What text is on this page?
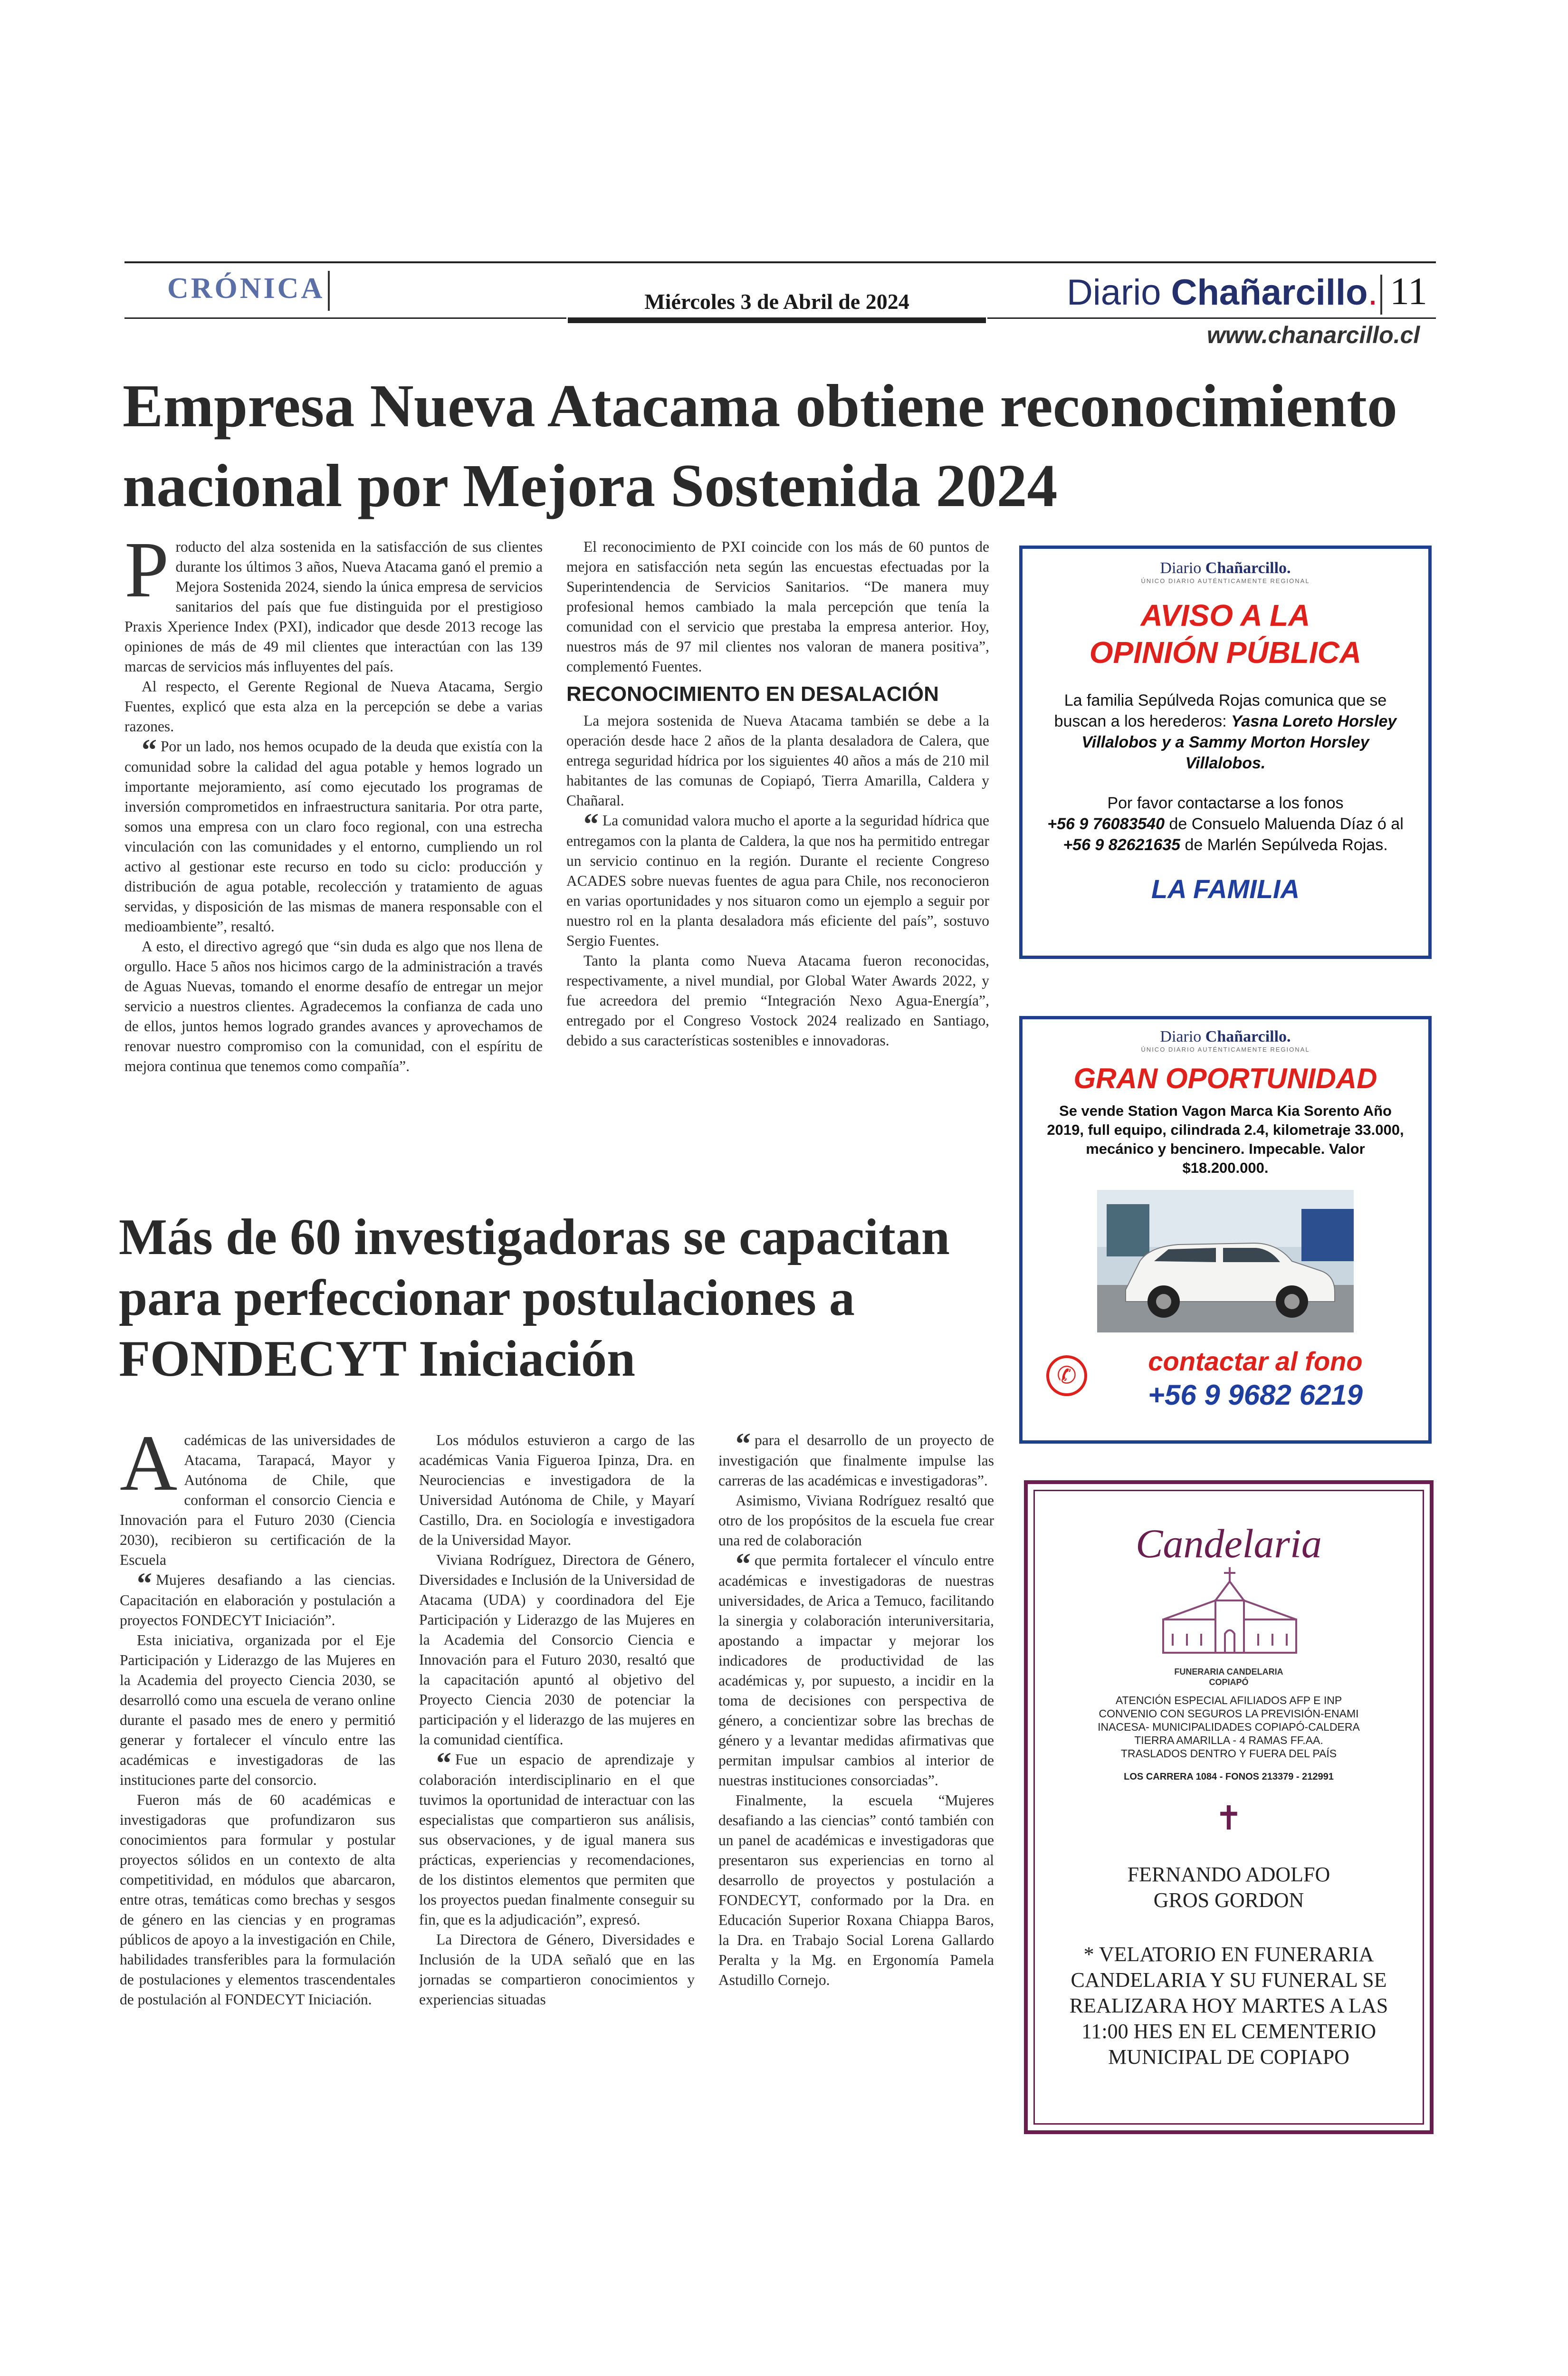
CRÓNICA	Miércoles 3 de Abril de 2024	Diario Chañarcillo. 11
www.chanarcillo.cl
Empresa Nueva Atacama obtiene reconocimiento nacional por Mejora Sostenida 2024

Producto del alza sostenida en la satisfacción de sus clientes durante los últimos 3 años, Nueva Atacama ganó el premio a Mejora Sostenida 2024, siendo la única empresa de servicios sanitarios del país que fue distinguida por el prestigioso Praxis Xperience Index (PXI), indicador que desde 2013 recoge las opiniones de más de 49 mil clientes que interactúan con las 139 marcas de servicios más influyentes del país.

Al respecto, el Gerente Regional de Nueva Atacama, Sergio Fuentes, explicó que esta alza en la percepción se debe a varias razones.

“ Por un lado, nos hemos ocupado de la deuda que existía con la comunidad sobre la calidad del agua potable y hemos logrado un importante mejoramiento, así como ejecutado los programas de inversión comprometidos en infraestructura sanitaria. Por otra parte, somos una empresa con un claro foco regional, con una estrecha vinculación con las comunidades y el entorno, cumpliendo un rol activo al gestionar este recurso en todo su ciclo: producción y distribución de agua potable, recolección y tratamiento de aguas servidas, y disposición de las mismas de manera responsable con el medioambiente”, resaltó.

A esto, el directivo agregó que “sin duda es algo que nos llena de orgullo. Hace 5 años nos hicimos cargo de la administración a través de Aguas Nuevas, tomando el enorme desafío de entregar un mejor servicio a nuestros clientes. Agradecemos la confianza de cada uno de ellos, juntos hemos logrado grandes avances y aprovechamos de renovar nuestro compromiso con la comunidad, con el espíritu de mejora continua que tenemos como compañía”.

El reconocimiento de PXI coincide con los más de 60 puntos de mejora en satisfacción neta según las encuestas efectuadas por la Superintendencia de Servicios Sanitarios. “De manera muy profesional hemos cambiado la mala percepción que tenía la comunidad con el servicio que prestaba la empresa anterior. Hoy, nuestros más de 97 mil clientes nos valoran de manera positiva”, complementó Fuentes.

RECONOCIMIENTO EN DESALACIÓN

La mejora sostenida de Nueva Atacama también se debe a la operación desde hace 2 años de la planta desaladora de Calera, que entrega seguridad hídrica por los siguientes 40 años a más de 210 mil habitantes de las comunas de Copiapó, Tierra Amarilla, Caldera y Chañaral.

“ La comunidad valora mucho el aporte a la seguridad hídrica que entregamos con la planta de Caldera, la que nos ha permitido entregar un servicio continuo en la región. Durante el reciente Congreso ACADES sobre nuevas fuentes de agua para Chile, nos reconocieron en varias oportunidades y nos situaron como un ejemplo a seguir por nuestro rol en la planta desaladora más eficiente del país”, sostuvo Sergio Fuentes.

Tanto la planta como Nueva Atacama fueron reconocidas, respectivamente, a nivel mundial, por Global Water Awards 2022, y fue acreedora del premio “Integración Nexo Agua-Energía”, entregado por el Congreso Vostock 2024 realizado en Santiago, debido a sus características sostenibles e innovadoras.

Diario Chañarcillo.
ÚNICO DIARIO AUTÉNTICAMENTE REGIONAL
AVISO A LA
OPINIÓN PÚBLICA
La familia Sepúlveda Rojas comunica que se buscan a los herederos: Yasna Loreto Horsley Villalobos y a Sammy Morton Horsley Villalobos.
Por favor contactarse a los fonos
+56 9 76083540 de Consuelo Maluenda Díaz ó al +56 9 82621635 de Marlén Sepúlveda Rojas.
LA FAMILIA
Diario Chañarcillo.
ÚNICO DIARIO AUTÉNTICAMENTE REGIONAL
GRAN OPORTUNIDAD
Se vende Station Vagon Marca Kia Sorento Año 2019, full equipo, cilindrada 2.4, kilometraje 33.000, mecánico y bencinero. Impecable. Valor $18.200.000.
✆	contactar al fono
+56 9 9682 6219
Más de 60 investigadoras se capacitan para perfeccionar postulaciones a FONDECYT Iniciación

Académicas de las universidades de Atacama, Tarapacá, Mayor y Autónoma de Chile, que conforman el consorcio Ciencia e Innovación para el Futuro 2030 (Ciencia 2030), recibieron su certificación de la Escuela

“ Mujeres desafiando a las ciencias. Capacitación en elaboración y postulación a proyectos FONDECYT Iniciación”.

Esta iniciativa, organizada por el Eje Participación y Liderazgo de las Mujeres en la Academia del proyecto Ciencia 2030, se desarrolló como una escuela de verano online durante el pasado mes de enero y permitió generar y fortalecer el vínculo entre las académicas e investigadoras de las instituciones parte del consorcio.

Fueron más de 60 académicas e investigadoras que profundizaron sus conocimientos para formular y postular proyectos sólidos en un contexto de alta competitividad, en módulos que abarcaron, entre otras, temáticas como brechas y sesgos de género en las ciencias y en programas públicos de apoyo a la investigación en Chile, habilidades transferibles para la formulación de postulaciones y elementos trascendentales de postulación al FONDECYT Iniciación.

Los módulos estuvieron a cargo de las académicas Vania Figueroa Ipinza, Dra. en Neurociencias e investigadora de la Universidad Autónoma de Chile, y Mayarí Castillo, Dra. en Sociología e investigadora de la Universidad Mayor.

Viviana Rodríguez, Directora de Género, Diversidades e Inclusión de la Universidad de Atacama (UDA) y coordinadora del Eje Participación y Liderazgo de las Mujeres en la Academia del Consorcio Ciencia e Innovación para el Futuro 2030, resaltó que la capacitación apuntó al objetivo del Proyecto Ciencia 2030 de potenciar la participación y el liderazgo de las mujeres en la comunidad científica.

“ Fue un espacio de aprendizaje y colaboración interdisciplinario en el que tuvimos la oportunidad de interactuar con las especialistas que compartieron sus análisis, sus observaciones, y de igual manera sus prácticas, experiencias y recomendaciones, de los distintos elementos que permiten que los proyectos puedan finalmente conseguir su fin, que es la adjudicación”, expresó.

La Directora de Género, Diversidades e Inclusión de la UDA señaló que en las jornadas se compartieron conocimientos y experiencias situadas

“ para el desarrollo de un proyecto de investigación que finalmente impulse las carreras de las académicas e investigadoras”.

Asimismo, Viviana Rodríguez resaltó que otro de los propósitos de la escuela fue crear una red de colaboración

“ que permita fortalecer el vínculo entre académicas e investigadoras de nuestras universidades, de Arica a Temuco, facilitando la sinergia y colaboración interuniversitaria, apostando a impactar y mejorar los indicadores de productividad de las académicas y, por supuesto, a incidir en la toma de decisiones con perspectiva de género, a concientizar sobre las brechas de género y a levantar medidas afirmativas que permitan impulsar cambios al interior de nuestras instituciones consorciadas”.

Finalmente, la escuela “Mujeres desafiando a las ciencias” contó también con un panel de académicas e investigadoras que presentaron sus experiencias en torno al desarrollo de proyectos y postulación a FONDECYT, conformado por la Dra. en Educación Superior Roxana Chiappa Baros, la Dra. en Trabajo Social Lorena Gallardo Peralta y la Mg. en Ergonomía Pamela Astudillo Cornejo.

Candelaria
FUNERARIA CANDELARIA
COPIAPÓ
ATENCIÓN ESPECIAL AFILIADOS AFP E INP
CONVENIO CON SEGUROS LA PREVISIÓN-ENAMI
INACESA- MUNICIPALIDADES COPIAPÓ-CALDERA
TIERRA AMARILLA - 4 RAMAS FF.AA.
TRASLADOS DENTRO Y FUERA DEL PAÍS
LOS CARRERA 1084 - FONOS 213379 - 212991
✝
FERNANDO ADOLFO
GROS GORDON
* VELATORIO EN FUNERARIA
CANDELARIA Y SU FUNERAL SE
REALIZARA HOY MARTES A LAS
11:00 HES EN EL CEMENTERIO
MUNICIPAL DE COPIAPO
